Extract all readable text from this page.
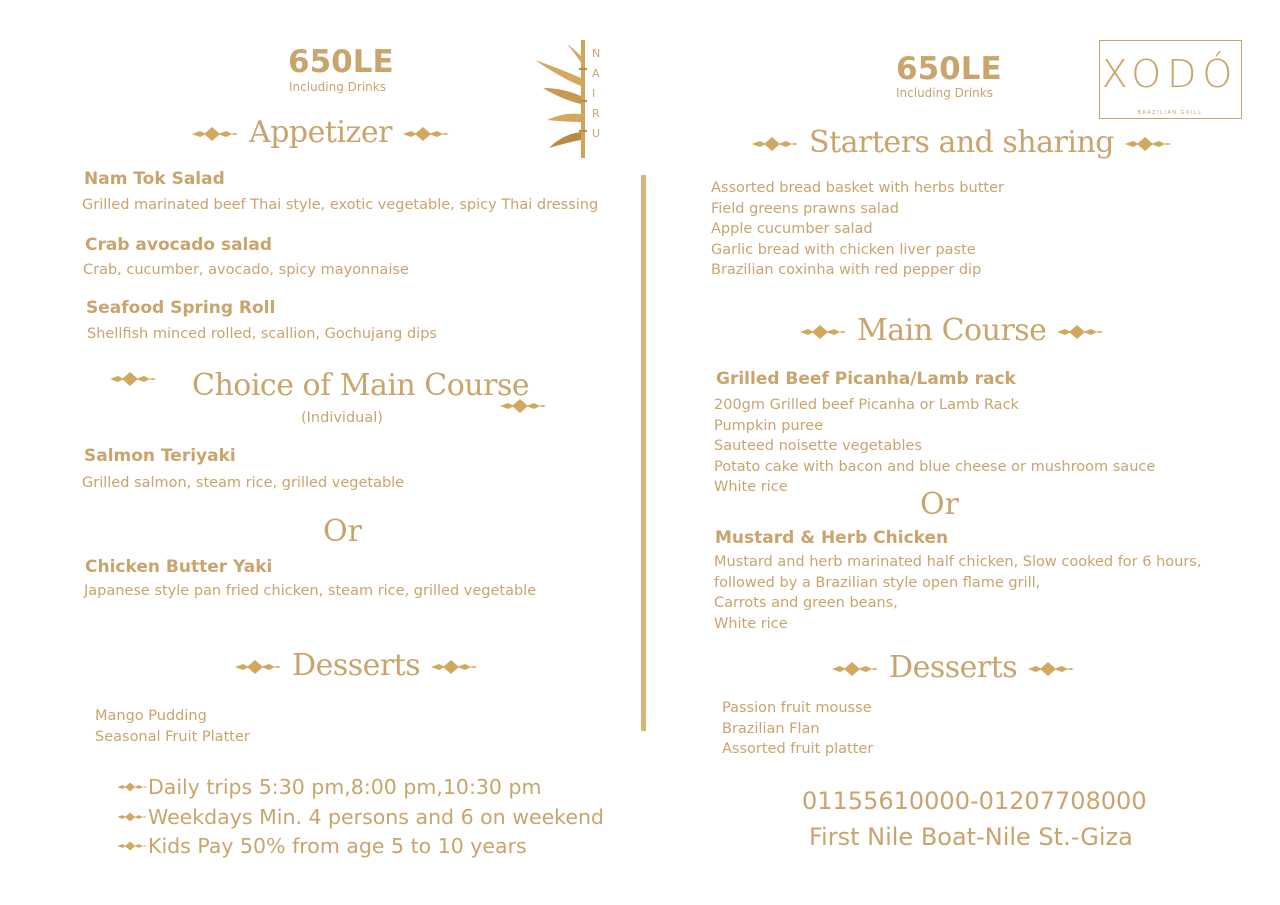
650LE
Including Drinks
NAIRU
Appetizer
Nam Tok Salad
Grilled marinated beef Thai style, exotic vegetable, spicy Thai dressing
Crab avocado salad
Crab, cucumber, avocado, spicy mayonnaise
Seafood Spring Roll
Shellfish minced rolled, scallion, Gochujang dips
Choice of Main Course
(Individual)
Salmon Teriyaki
Grilled salmon, steam rice, grilled vegetable
Or
Chicken Butter Yaki
Japanese style pan fried chicken, steam rice, grilled vegetable
Desserts
Mango Pudding
Seasonal Fruit Platter
Daily trips 5:30 pm,8:00 pm,10:30 pm
Weekdays Min. 4 persons and 6 on weekend
Kids Pay 50% from age 5 to 10 years
650LE
Including Drinks	XODÓ
BRAZILIAN GRILL
Starters and sharing
Assorted bread basket with herbs butter
Field greens prawns salad
Apple cucumber salad
Garlic bread with chicken liver paste
Brazilian coxinha with red pepper dip
Main Course
Grilled Beef Picanha/Lamb rack
200gm Grilled beef Picanha or Lamb Rack
Pumpkin puree
Sauteed noisette vegetables
Potato cake with bacon and blue cheese or mushroom sauce
White rice	Or
Mustard & Herb Chicken
Mustard and herb marinated half chicken, Slow cooked for 6 hours,
followed by a Brazilian style open flame grill,
Carrots and green beans,
White rice
Desserts
Passion fruit mousse
Brazilian Flan
Assorted fruit platter
01155610000-01207708000
First Nile Boat-Nile St.-Giza
